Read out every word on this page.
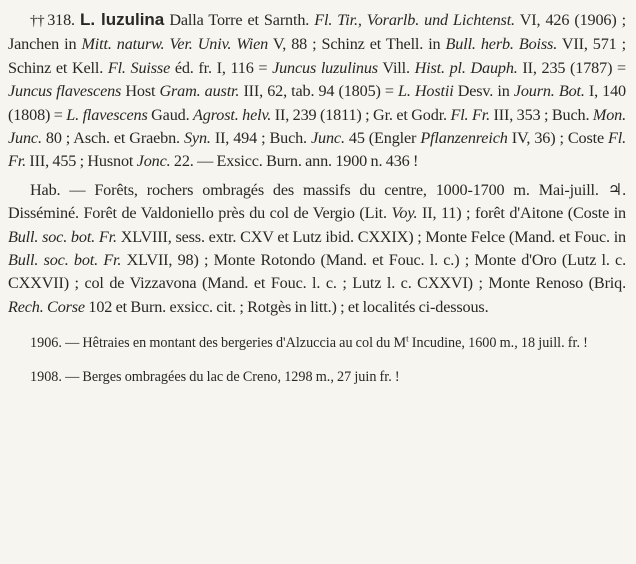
†† 318. L. luzulina Dalla Torre et Sarnth. Fl. Tir., Vorarlb. und Lichtenst. VI, 426 (1906) ; Janchen in Mitt. naturw. Ver. Univ. Wien V, 88 ; Schinz et Thell. in Bull. herb. Boiss. VII, 571 ; Schinz et Kell. Fl. Suisse éd. fr. I, 116 = Juncus luzulinus Vill. Hist. pl. Dauph. II, 235 (1787) = Juncus flavescens Host Gram. austr. III, 62, tab. 94 (1805) = L. Hostii Desv. in Journ. Bot. I, 140 (1808) = L. flavescens Gaud. Agrost. helv. II, 239 (1811) ; Gr. et Godr. Fl. Fr. III, 353 ; Buch. Mon. Junc. 80 ; Asch. et Graebn. Syn. II, 494 ; Buch. Junc. 45 (Engler Pflanzenreich IV, 36) ; Coste Fl. Fr. III, 455 ; Husnot Jonc. 22. — Exsicc. Burn. ann. 1900 n. 436 !

Hab. — Forêts, rochers ombragés des massifs du centre, 1000-1700 m. Mai-juill. ♃. Disséminé. Forêt de Valdoniello près du col de Vergio (Lit. Voy. II, 11) ; forêt d'Aitone (Coste in Bull. soc. bot. Fr. XLVIII, sess. extr. CXV et Lutz ibid. CXXIX) ; Monte Felce (Mand. et Fouc. in Bull. soc. bot. Fr. XLVII, 98) ; Monte Rotondo (Mand. et Fouc. l. c.) ; Monte d'Oro (Lutz l. c. CXXVII) ; col de Vizzavona (Mand. et Fouc. l. c. ; Lutz l. c. CXXVI) ; Monte Renoso (Briq. Rech. Corse 102 et Burn. exsicc. cit. ; Rotgès in litt.) ; et localités ci-dessous.

1906. — Hêtraies en montant des bergeries d'Alzuccia au col du $M^t$ Incudine, 1600 m., 18 juill. fr. !

1908. — Berges ombragées du lac de Creno, 1298 m., 27 juin fr. !
